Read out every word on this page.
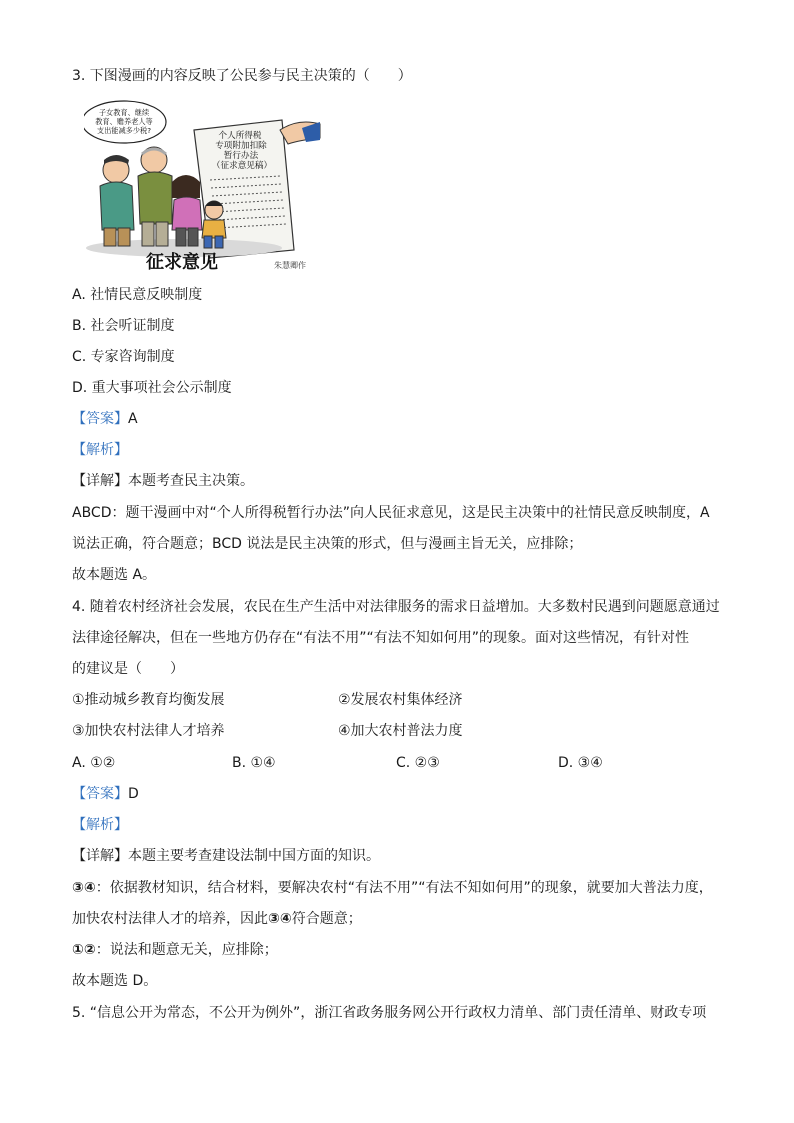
3. 下图漫画的内容反映了公民参与民主决策的（　　）
子女教育、继续
教育、赡养老人等
支出能减多少税?
个人所得税
专项附加扣除
暂行办法
（征求意见稿）
征求意见	朱慧卿作
A. 社情民意反映制度
B. 社会听证制度
C. 专家咨询制度
D. 重大事项社会公示制度
【答案】A
【解析】
【详解】本题考查民主决策。
ABCD：题干漫画中对“个人所得税暂行办法”向人民征求意见，这是民主决策中的社情民意反映制度，A
说法正确，符合题意；BCD 说法是民主决策的形式，但与漫画主旨无关，应排除；
故本题选 A。
4. 随着农村经济社会发展，农民在生产生活中对法律服务的需求日益增加。大多数村民遇到问题愿意通过
法律途径解决，但在一些地方仍存在“有法不用”“有法不知如何用”的现象。面对这些情况，有针对性
的建议是（　　）
①推动城乡教育均衡发展	②发展农村集体经济
③加快农村法律人才培养	④加大农村普法力度
A. ①②	B. ①④	C. ②③	D. ③④
【答案】D
【解析】
【详解】本题主要考查建设法制中国方面的知识。
③④：依据教材知识，结合材料，要解决农村“有法不用”“有法不知如何用”的现象，就要加大普法力度，
加快农村法律人才的培养，因此③④符合题意；
①②：说法和题意无关，应排除；
故本题选 D。
5. “信息公开为常态，不公开为例外”，浙江省政务服务网公开行政权力清单、部门责任清单、财政专项
